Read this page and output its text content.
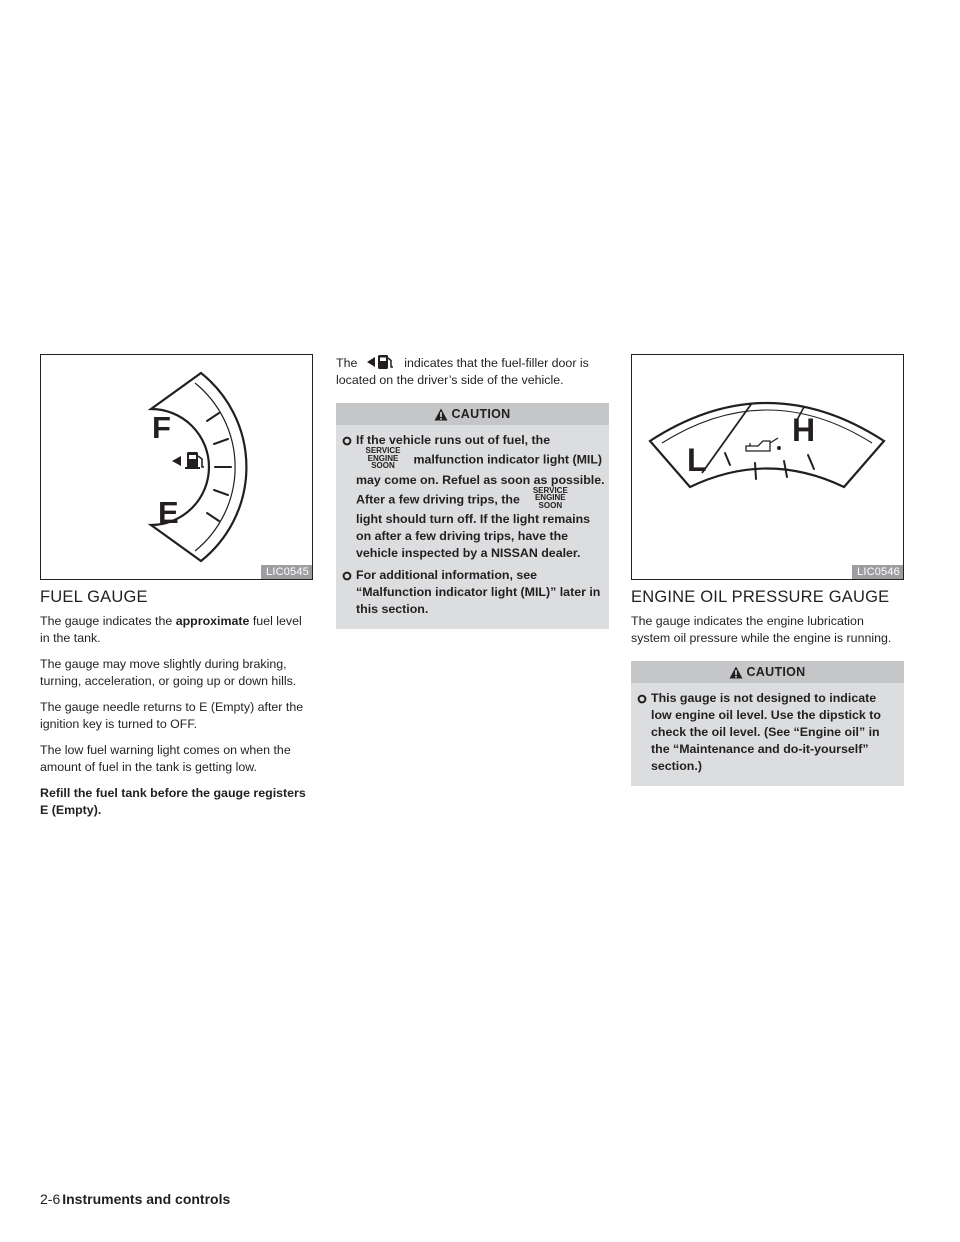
F
E
LIC0545
FUEL GAUGE

The gauge indicates the approximate fuel level in the tank.

The gauge may move slightly during braking, turning, acceleration, or going up or down hills.

The gauge needle returns to E (Empty) after the ignition key is turned to OFF.

The low fuel warning light comes on when the amount of fuel in the tank is getting low.

Refill the fuel tank before the gauge registers E (Empty).

The	indicates that the fuel-filler door is located on the driver’s side of the vehicle.

CAUTION
If the vehicle runs out of fuel, the
SERVICE
ENGINE
SOON	malfunction indicator light (MIL) may come on. Refuel as soon as possible. After a few driving trips, the
SERVICE
ENGINE
SOON
light should turn off. If the light remains on after a few driving trips, have the vehicle inspected by a NISSAN dealer.
For additional information, see “Malfunction indicator light (MIL)” later in this section.
L
H
LIC0546
ENGINE OIL PRESSURE GAUGE

The gauge indicates the engine lubrication system oil pressure while the engine is running.

CAUTION
This gauge is not designed to indicate low engine oil level. Use the dipstick to check the oil level. (See “Engine oil” in the “Maintenance and do-it-yourself” section.)
2-6 Instruments and controls
